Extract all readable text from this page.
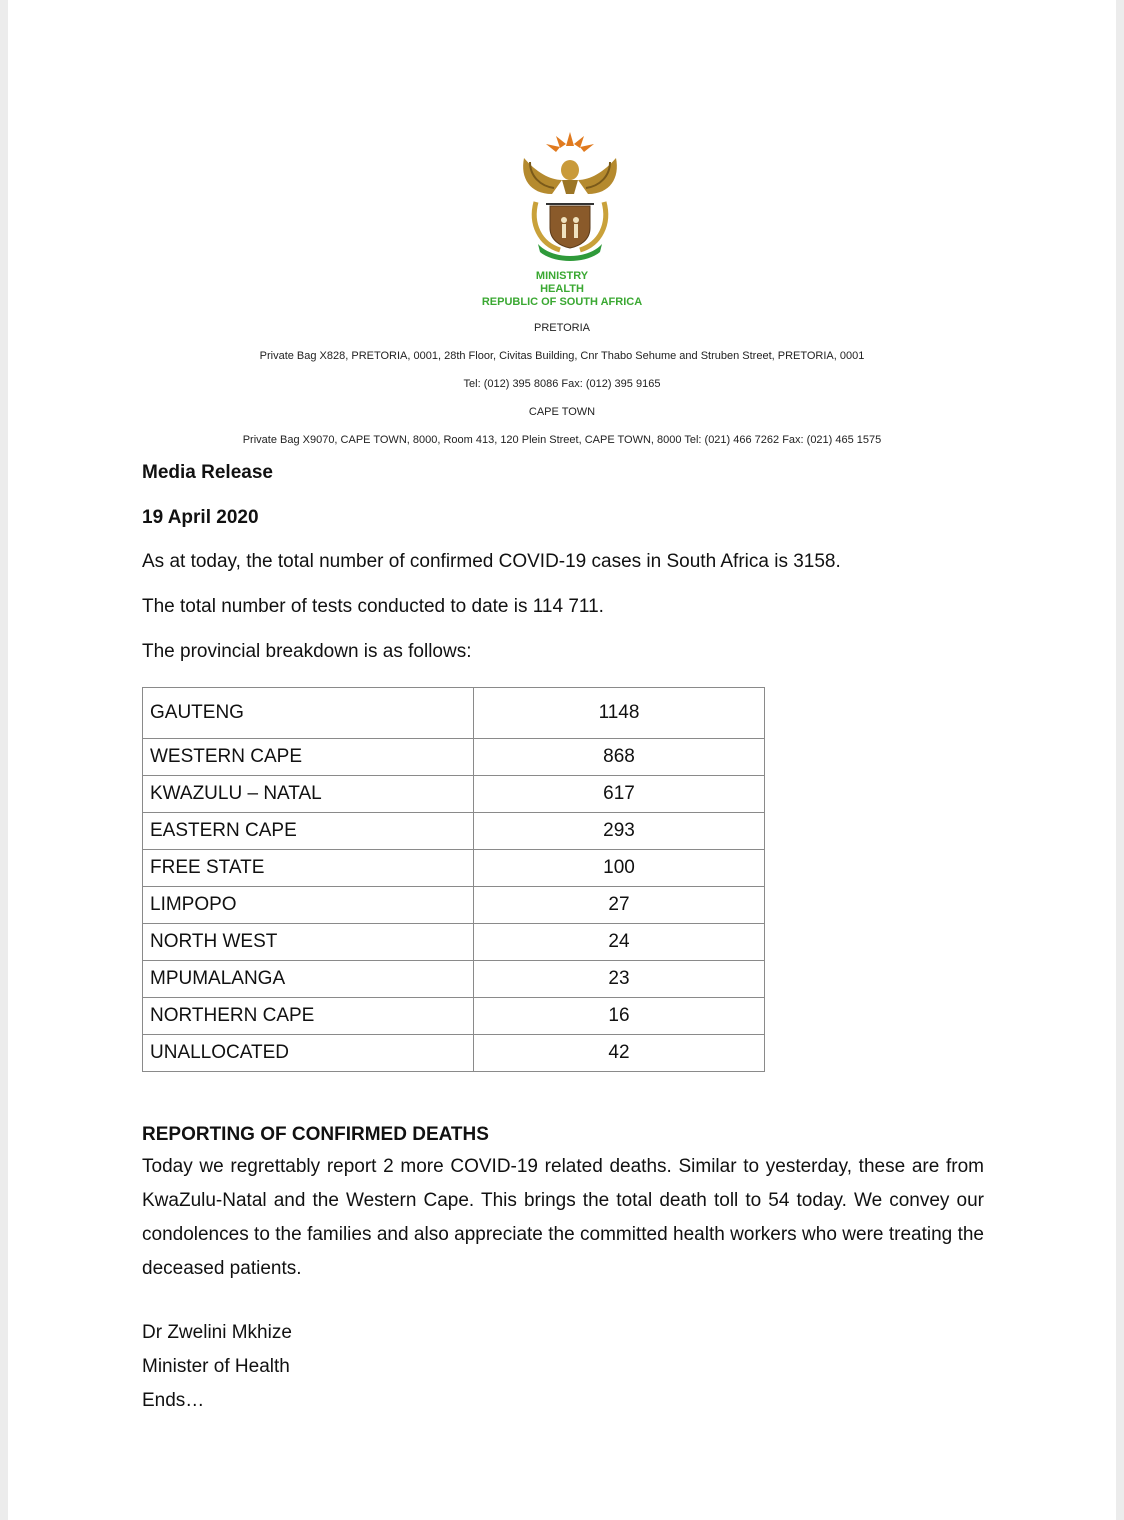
MINISTRY
HEALTH
REPUBLIC OF SOUTH AFRICA
PRETORIA
Private Bag X828, PRETORIA, 0001, 28th Floor, Civitas Building, Cnr Thabo Sehume and Struben Street, PRETORIA, 0001
Tel: (012) 395 8086 Fax: (012) 395 9165
CAPE TOWN
Private Bag X9070, CAPE TOWN, 8000, Room 413, 120 Plein Street, CAPE TOWN, 8000 Tel: (021) 466 7262 Fax: (021) 465 1575
Media Release
19 April 2020
As at today, the total number of confirmed COVID-19 cases in South Africa is 3158.
The total number of tests conducted to date is 114 711.
The provincial breakdown is as follows:
GAUTENG	1148
WESTERN CAPE	868
KWAZULU – NATAL	617
EASTERN CAPE	293
FREE STATE	100
LIMPOPO	27
NORTH WEST	24
MPUMALANGA	23
NORTHERN CAPE	16
UNALLOCATED	42
REPORTING OF CONFIRMED DEATHS
Today we regrettably report 2 more COVID-19 related deaths. Similar to yesterday, these are from KwaZulu-Natal and the Western Cape. This brings the total death toll to 54 today. We convey our condolences to the families and also appreciate the committed health workers who were treating the deceased patients.
Dr Zwelini Mkhize
Minister of Health
Ends…
